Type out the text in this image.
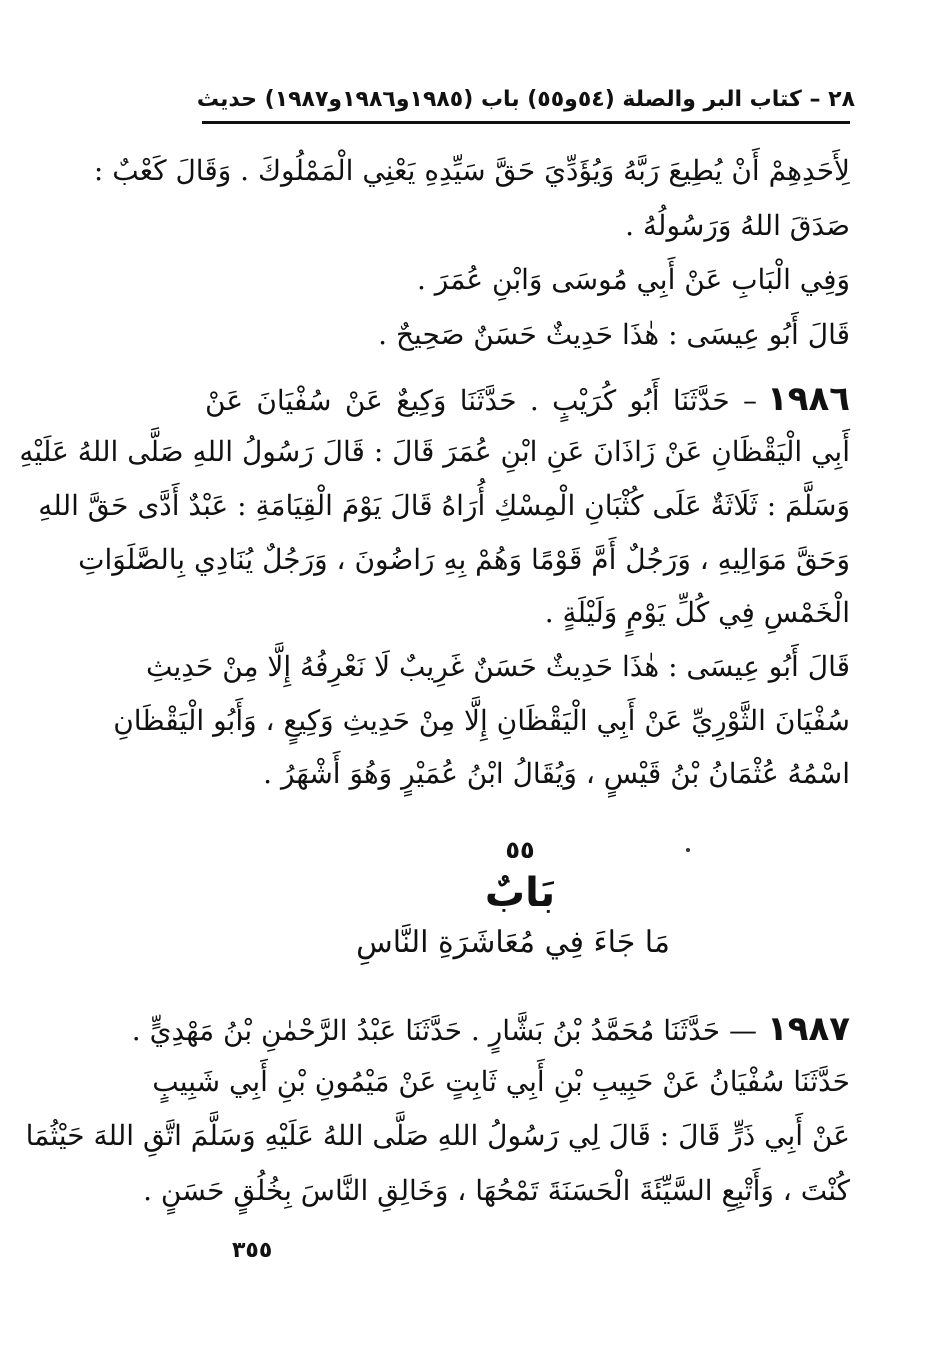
٢٨ – كتاب البر والصلة (٥٤و٥٥) باب (١٩٨٥و١٩٨٦و١٩٨٧) حديث
لِأَحَدِهِمْ أَنْ يُطِيعَ رَبَّهُ وَيُؤَدِّيَ حَقَّ سَيِّدِهِ يَعْنِي الْمَمْلُوكَ . وَقَالَ كَعْبٌ :
صَدَقَ اللهُ وَرَسُولُهُ .
وَفِي الْبَابِ عَنْ أَبِي مُوسَى وَابْنِ عُمَرَ .
قَالَ أَبُو عِيسَى : هٰذَا حَدِيثٌ حَسَنٌ صَحِيحٌ .
١٩٨٦– حَدَّثَنَا أَبُو كُرَيْبٍ . حَدَّثَنَا وَكِيعٌ عَنْ سُفْيَانَ عَنْ
أَبِي الْيَقْظَانِ عَنْ زَاذَانَ عَنِ ابْنِ عُمَرَ قَالَ : قَالَ رَسُولُ اللهِ صَلَّى اللهُ عَلَيْهِ
وَسَلَّمَ : ثَلَاثَةٌ عَلَى كُثْبَانِ الْمِسْكِ أُرَاهُ قَالَ يَوْمَ الْقِيَامَةِ : عَبْدٌ أَدَّى حَقَّ اللهِ
وَحَقَّ مَوَالِيهِ ، وَرَجُلٌ أَمَّ قَوْمًا وَهُمْ بِهِ رَاضُونَ ، وَرَجُلٌ يُنَادِي بِالصَّلَوَاتِ
الْخَمْسِ فِي كُلِّ يَوْمٍ وَلَيْلَةٍ .
قَالَ أَبُو عِيسَى : هٰذَا حَدِيثٌ حَسَنٌ غَرِيبٌ لَا نَعْرِفُهُ إِلَّا مِنْ حَدِيثِ
سُفْيَانَ الثَّوْرِيِّ عَنْ أَبِي الْيَقْظَانِ إِلَّا مِنْ حَدِيثِ وَكِيعٍ ، وَأَبُو الْيَقْظَانِ
اسْمُهُ عُثْمَانُ بْنُ قَيْسٍ ، وَيُقَالُ ابْنُ عُمَيْرٍ وَهُوَ أَشْهَرُ .
٥٥
بَابٌ
مَا جَاءَ فِي مُعَاشَرَةِ النَّاسِ
١٩٨٧— حَدَّثَنَا مُحَمَّدُ بْنُ بَشَّارٍ . حَدَّثَنَا عَبْدُ الرَّحْمٰنِ بْنُ مَهْدِيٍّ .
حَدَّثَنَا سُفْيَانُ عَنْ حَبِيبِ بْنِ أَبِي ثَابِتٍ عَنْ مَيْمُونِ بْنِ أَبِي شَبِيبٍ
عَنْ أَبِي ذَرٍّ قَالَ : قَالَ لِي رَسُولُ اللهِ صَلَّى اللهُ عَلَيْهِ وَسَلَّمَ اتَّقِ اللهَ حَيْثُمَا
كُنْتَ ، وَأَتْبِعِ السَّيِّئَةَ الْحَسَنَةَ تَمْحُهَا ، وَخَالِقِ النَّاسَ بِخُلُقٍ حَسَنٍ .
٣٥٥
